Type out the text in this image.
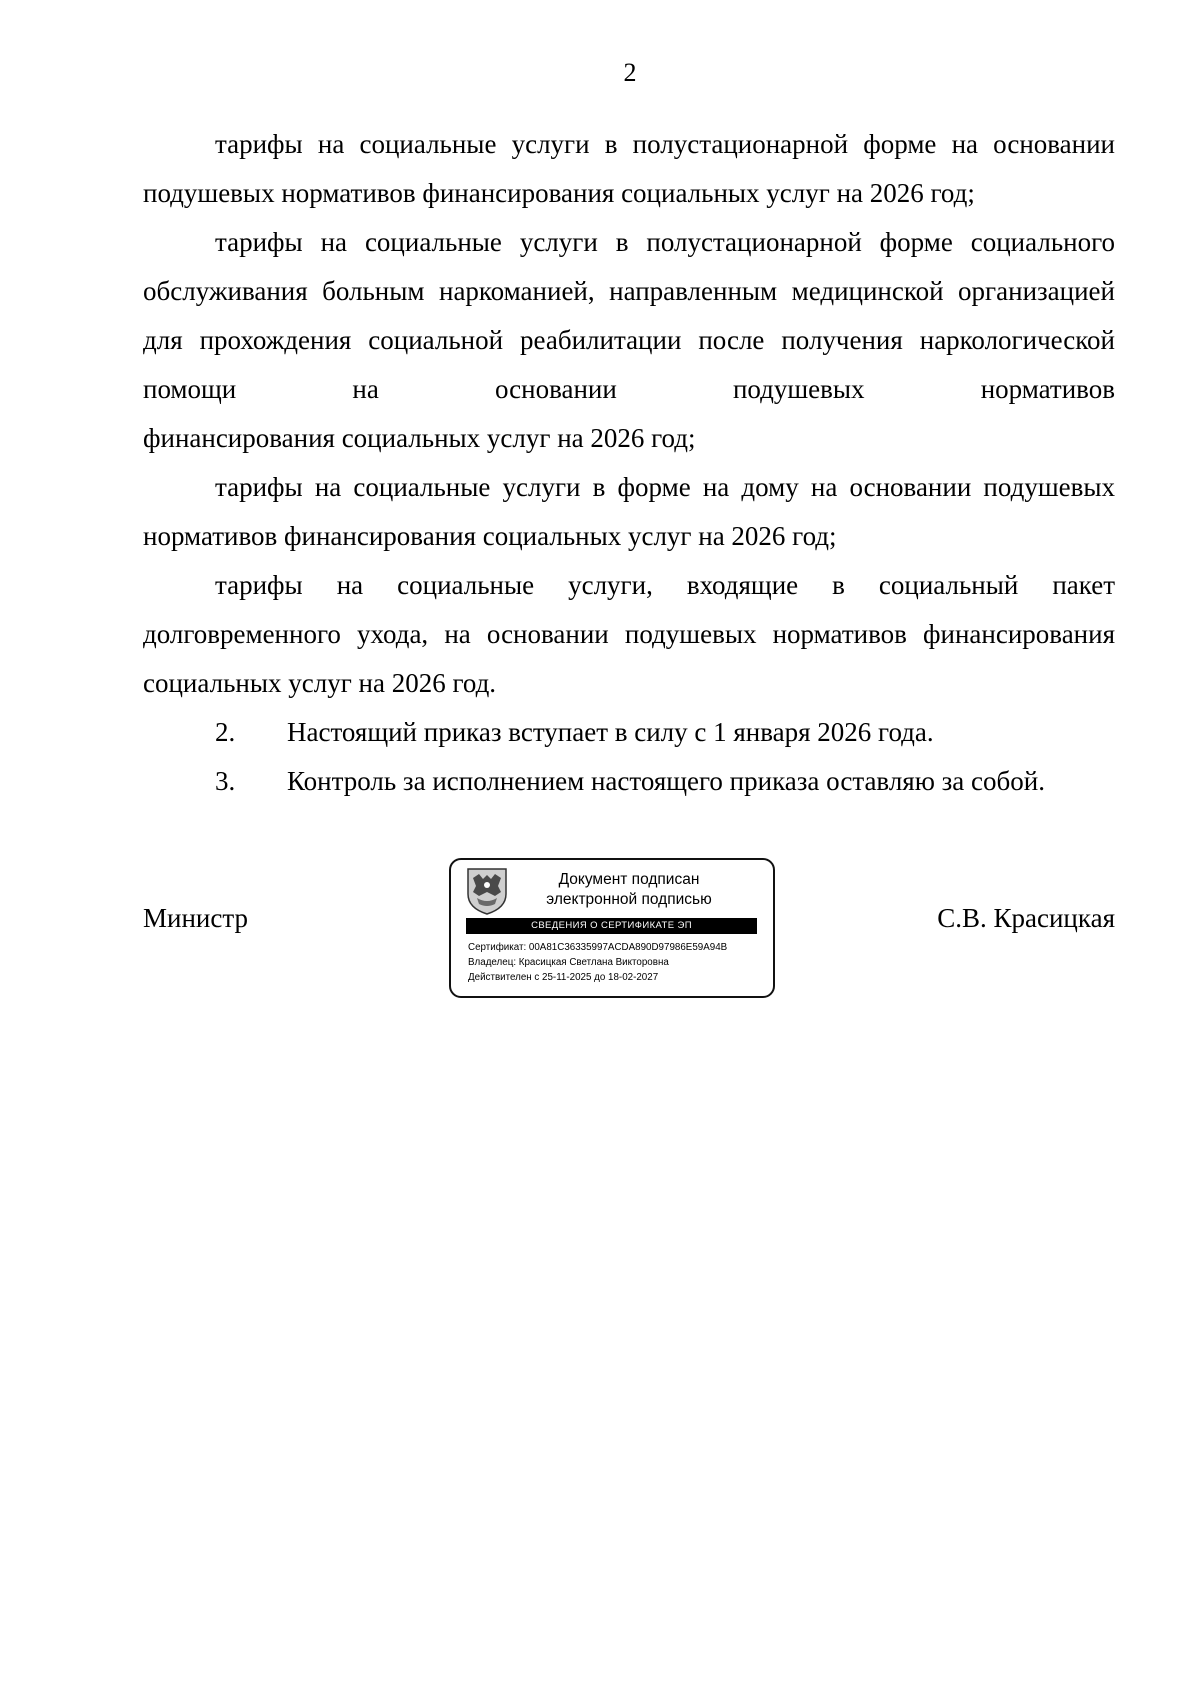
2

тарифы на социальные услуги в полустационарной форме на основании подушевых нормативов финансирования социальных услуг на 2026 год;

тарифы на социальные услуги в полустационарной форме социального обслуживания больным наркоманией, направленным медицинской организацией для прохождения социальной реабилитации после получения наркологической помощи на основании подушевых нормативов

финансирования социальных услуг на 2026 год;

тарифы на социальные услуги в форме на дому на основании подушевых нормативов финансирования социальных услуг на 2026 год;

тарифы на социальные услуги, входящие в социальный пакет долговременного ухода, на основании подушевых нормативов финансирования социальных услуг на 2026 год.

2.	Настоящий приказ вступает в силу с 1 января 2026 года.
3.	Контроль за исполнением настоящего приказа оставляю за собой.
Министр
Документ подписан
электронной подписью
СВЕДЕНИЯ О СЕРТИФИКАТЕ ЭП
Сертификат: 00A81C36335997ACDA890D97986E59A94B
Владелец: Красицкая Светлана Викторовна
Действителен с 25-11-2025 до 18-02-2027
С.В. Красицкая
